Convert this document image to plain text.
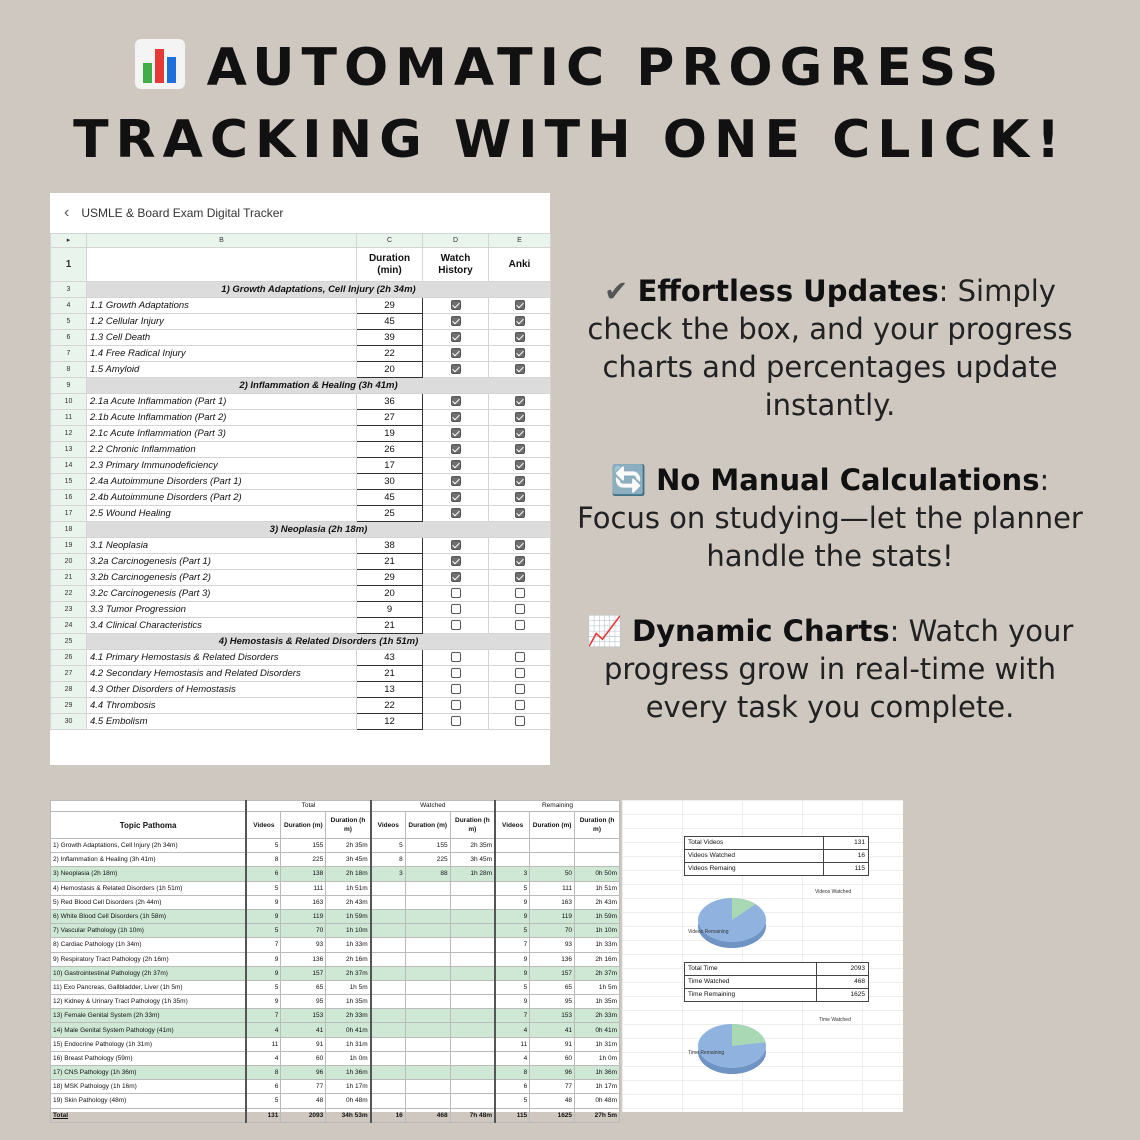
AUTOMATIC PROGRESS
TRACKING WITH ONE CLICK!
‹ USMLE & Board Exam Digital Tracker
▸	B	C	D	E
1		Duration (min)	Watch History	Anki
3	1) Growth Adaptations, Cell Injury (2h 34m)			
4	1.1 Growth Adaptations	29		
5	1.2 Cellular Injury	45		
6	1.3 Cell Death	39		
7	1.4 Free Radical Injury	22		
8	1.5 Amyloid	20		
9	2) Inflammation & Healing (3h 41m)			
10	2.1a Acute Inflammation (Part 1)	36		
11	2.1b Acute Inflammation (Part 2)	27		
12	2.1c Acute Inflammation (Part 3)	19		
13	2.2 Chronic Inflammation	26		
14	2.3 Primary Immunodeficiency	17		
15	2.4a Autoimmune Disorders (Part 1)	30		
16	2.4b Autoimmune Disorders (Part 2)	45		
17	2.5 Wound Healing	25		
18	3) Neoplasia (2h 18m)			
19	3.1 Neoplasia	38		
20	3.2a Carcinogenesis (Part 1)	21		
21	3.2b Carcinogenesis (Part 2)	29		
22	3.2c Carcinogenesis (Part 3)	20		
23	3.3 Tumor Progression	9		
24	3.4 Clinical Characteristics	21		
25	4) Hemostasis & Related Disorders (1h 51m)			
26	4.1 Primary Hemostasis & Related Disorders	43		
27	4.2 Secondary Hemostasis and Related Disorders	21		
28	4.3 Other Disorders of Hemostasis	13		
29	4.4 Thrombosis	22		
30	4.5 Embolism	12		
✔ Effortless Updates: Simply check the box, and your progress charts and percentages update instantly.
🔄 No Manual Calculations: Focus on studying—let the planner handle the stats!
📈 Dynamic Charts: Watch your progress grow in real-time with every task you complete.
	Total			Watched			Remaining		
Topic Pathoma	Videos	Duration (m)	Duration (h m)	Videos	Duration (m)	Duration (h m)	Videos	Duration (m)	Duration (h m)
1) Growth Adaptations, Cell Injury (2h 34m)	5	155	2h 35m	5	155	2h 35m			
2) Inflammation & Healing (3h 41m)	8	225	3h 45m	8	225	3h 45m			
3) Neoplasia (2h 18m)	6	138	2h 18m	3	88	1h 28m	3	50	0h 50m
4) Hemostasis & Related Disorders (1h 51m)	5	111	1h 51m				5	111	1h 51m
5) Red Blood Cell Disorders (2h 44m)	9	163	2h 43m				9	163	2h 43m
6) White Blood Cell Disorders (1h 58m)	9	119	1h 59m				9	119	1h 59m
7) Vascular Pathology (1h 10m)	5	70	1h 10m				5	70	1h 10m
8) Cardiac Pathology (1h 34m)	7	93	1h 33m				7	93	1h 33m
9) Respiratory Tract Pathology (2h 16m)	9	136	2h 16m				9	136	2h 16m
10) Gastrointestinal Pathology (2h 37m)	9	157	2h 37m				9	157	2h 37m
11) Exo Pancreas, Gallbladder, Liver (1h 5m)	5	65	1h 5m				5	65	1h 5m
12) Kidney & Urinary Tract Pathology (1h 35m)	9	95	1h 35m				9	95	1h 35m
13) Female Genital System (2h 33m)	7	153	2h 33m				7	153	2h 33m
14) Male Genital System Pathology (41m)	4	41	0h 41m				4	41	0h 41m
15) Endocrine Pathology (1h 31m)	11	91	1h 31m				11	91	1h 31m
16) Breast Pathology (59m)	4	60	1h 0m				4	60	1h 0m
17) CNS Pathology (1h 36m)	8	96	1h 36m				8	96	1h 36m
18) MSK Pathology (1h 16m)	6	77	1h 17m				6	77	1h 17m
19) Skin Pathology (48m)	5	48	0h 48m				5	48	0h 48m
Total	131	2093	34h 53m	16	468	7h 48m	115	1625	27h 5m
Total Videos	131
Videos Watched	16
Videos Remaing	115
Videos Watched
Videos Remaining
Total Time	2093
Time Watched	468
Time Remaining	1625
Time Watched
Time Remaining
